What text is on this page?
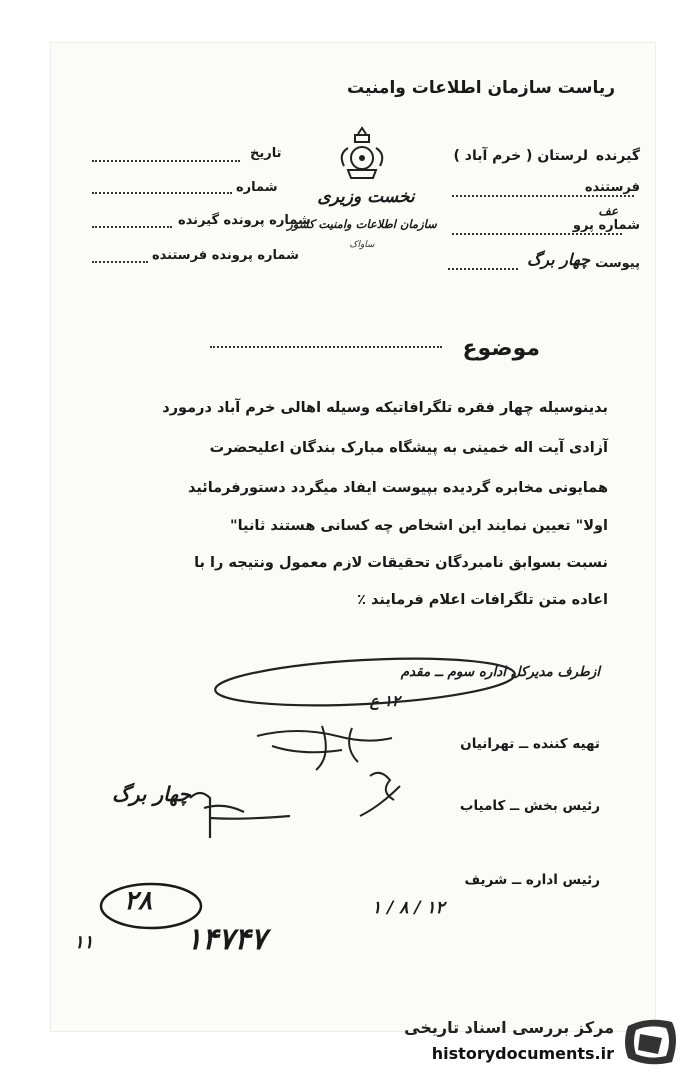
ریاست سازمان اطلاعات وامنیت
نخست وزیری
سازمان اطلاعات وامنیت کشور
ساواک
گیرنده
لرستان ( خرم آباد )
فرستنده
شماره پرو
عف
پیوست
چهار برگ
تاریخ
شماره
شماره پرونده گیرنده
شماره پرونده فرستنده
موضوع
بدینوسیله چهار فقره تلگرافاتیکه وسیله اهالی خرم آباد درمورد
آزادی آیت اله خمینی به پیشگاه مبارک بندگان اعلیحضرت
همایونی مخابره گردیده بپیوست ایفاد میگردد دستورفرمائید
اولا" تعیین نمایند این اشخاص چه کسانی هستند ثانیا"
نسبت بسوابق نامبردگان تحقیقات لازم معمول ونتیجه را با
اعاده متن تلگرافات اعلام فرمایند ٪
ازطرف مدیرکل اداره سوم ــ مقدم
۱۲ ع
تهیه کننده ــ تهرانیان
رئیس بخش ــ کامیاب
چهار برگ
رئیس اداره ــ شریف
۱۲ / ۸ / ۱
۲۸
۱۴۷۴۷
۱۱
مرکز بررسی اسناد تاریخی
historydocuments.ir
